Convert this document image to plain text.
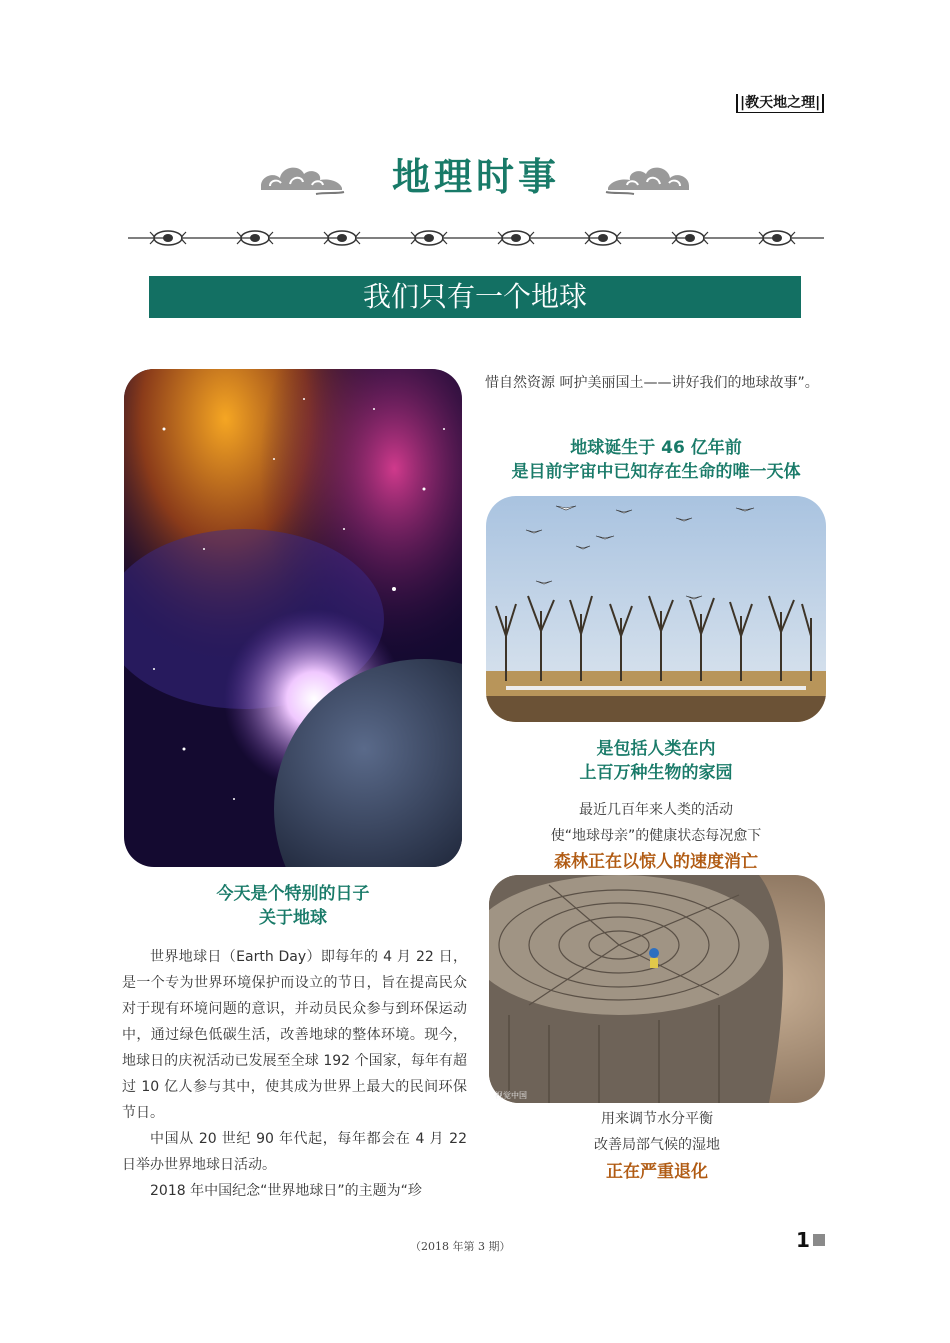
|教天地之理|
地理时事
我们只有一个地球
今天是个特别的日子
关于地球

世界地球日（Earth Day）即每年的 4 月 22 日，是一个专为世界环境保护而设立的节日，旨在提高民众对于现有环境问题的意识，并动员民众参与到环保运动中，通过绿色低碳生活，改善地球的整体环境。现今，地球日的庆祝活动已发展至全球 192 个国家，每年有超过 10 亿人参与其中，使其成为世界上最大的民间环保节日。

中国从 20 世纪 90 年代起，每年都会在 4 月 22 日举办世界地球日活动。

2018 年中国纪念“世界地球日”的主题为“珍

惜自然资源 呵护美丽国土——讲好我们的地球故事”。

地球诞生于 46 亿年前
是目前宇宙中已知存在生命的唯一天体
是包括人类在内
上百万种生物的家园
最近几百年来人类的活动
使“地球母亲”的健康状态每况愈下
森林正在以惊人的速度消亡
视觉中国
用来调节水分平衡
改善局部气候的湿地
正在严重退化
（2018 年第 3 期）	1
